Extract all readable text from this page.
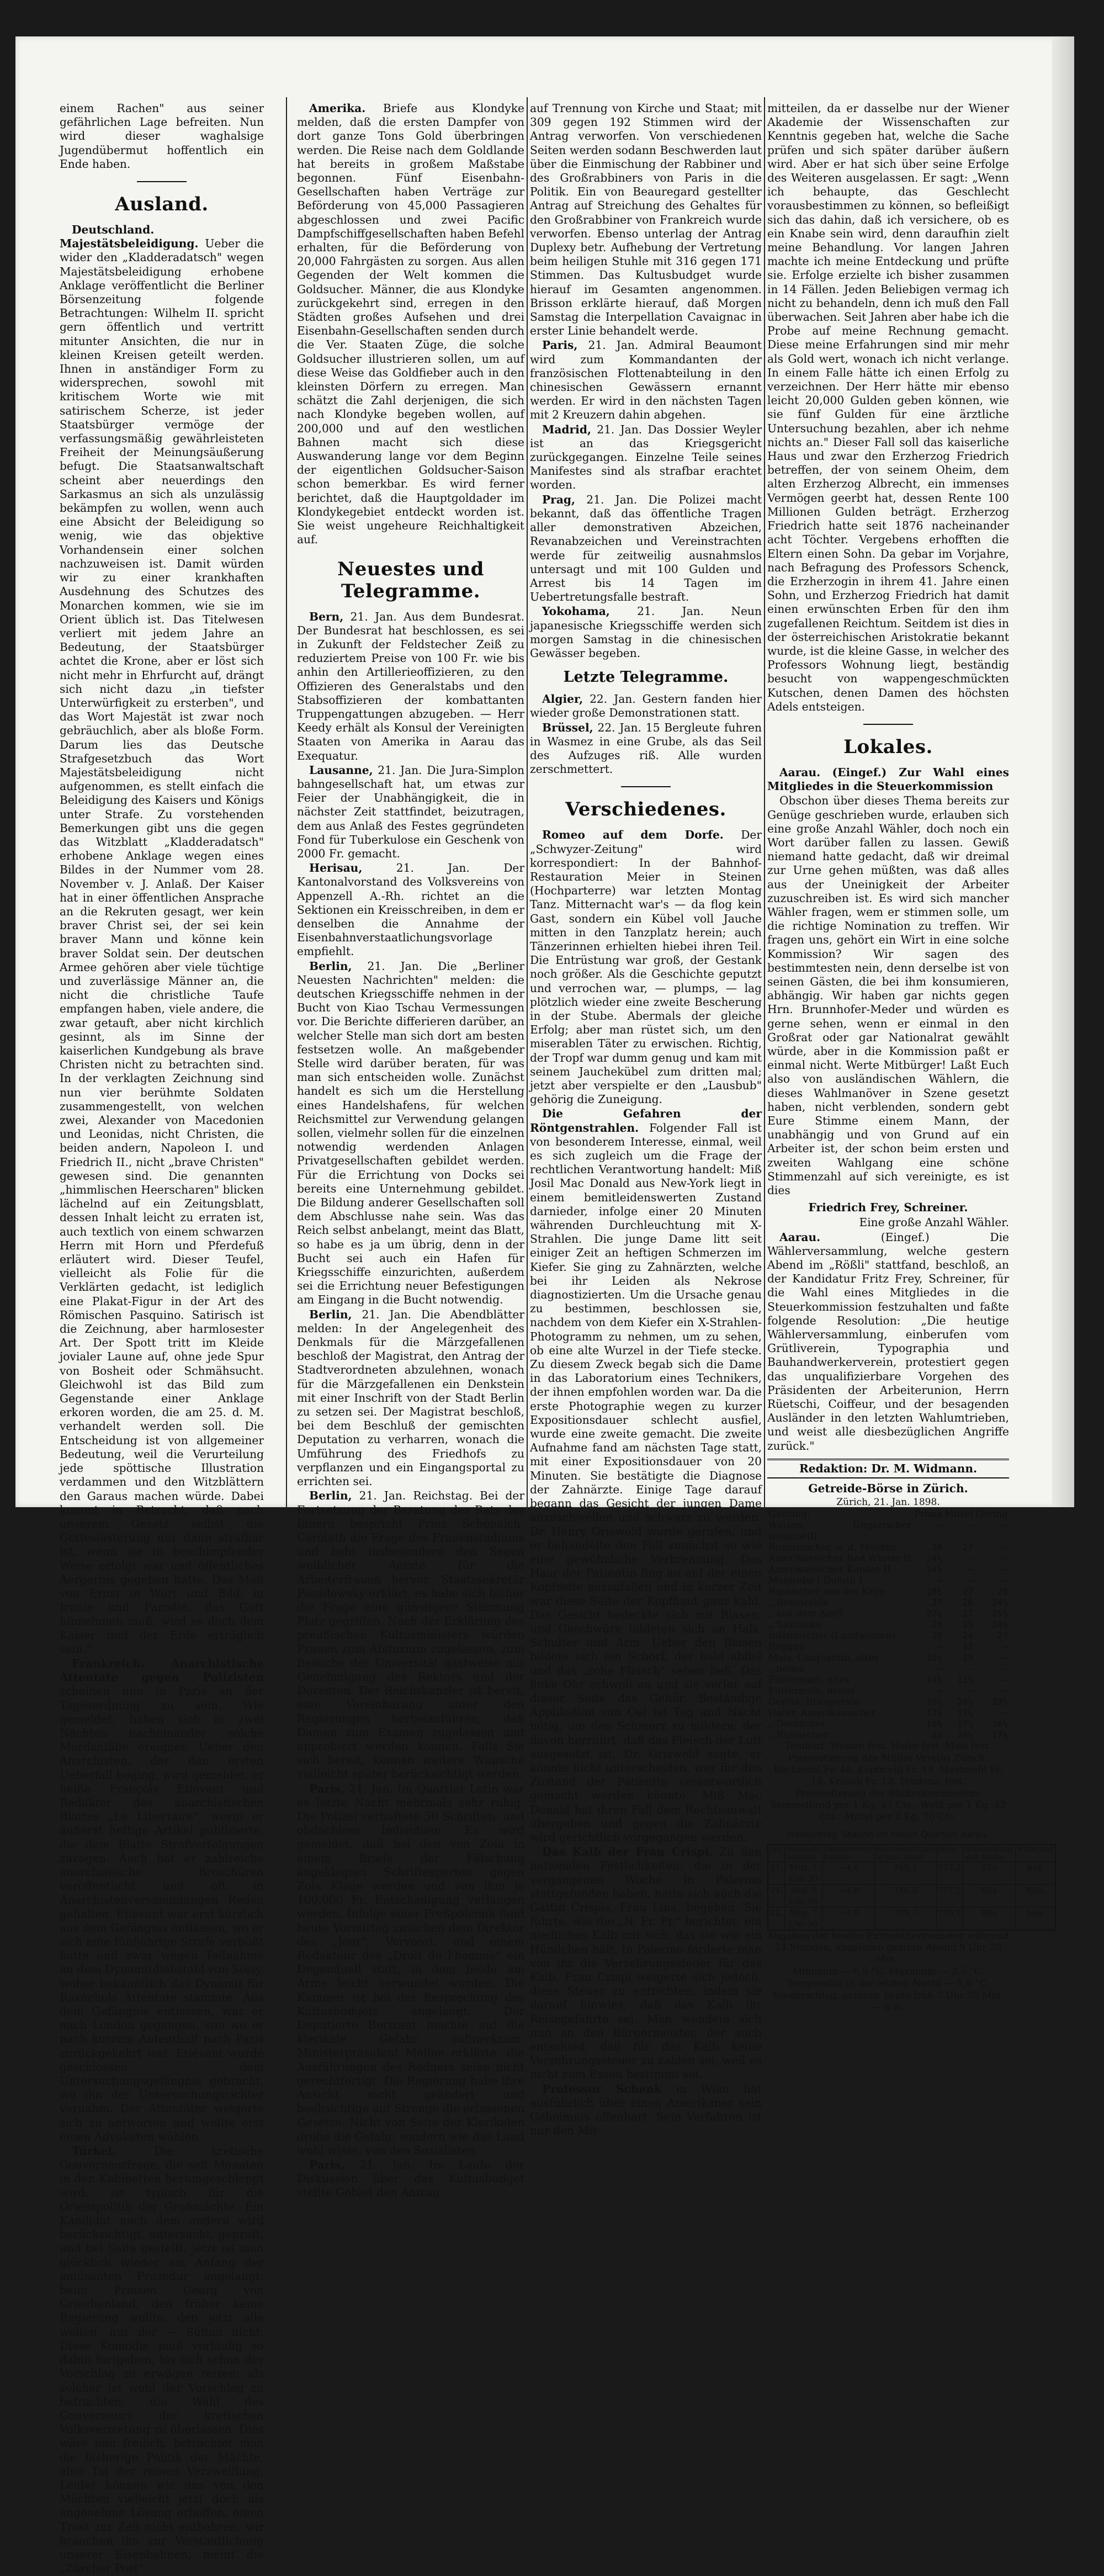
einem Rachen" aus seiner gefährlichen Lage befreiten. Nun wird dieser waghalsige Jugendübermut hoffentlich ein Ende haben.

Ausland.

Deutschland. Majestätsbeleidigung. Ueber die wider den „Kladderadatsch" wegen Majestätsbeleidigung erhobene Anklage veröffentlicht die Berliner Börsenzeitung folgende Betrachtungen: Wilhelm II. spricht gern öffentlich und vertritt mitunter Ansichten, die nur in kleinen Kreisen geteilt werden. Ihnen in anständiger Form zu widersprechen, sowohl mit kritischem Worte wie mit satirischem Scherze, ist jeder Staatsbürger vermöge der verfassungsmäßig gewährleisteten Freiheit der Meinungsäußerung befugt. Die Staatsanwaltschaft scheint aber neuerdings den Sarkasmus an sich als unzulässig bekämpfen zu wollen, wenn auch eine Absicht der Beleidigung so wenig, wie das objektive Vorhandensein einer solchen nachzuweisen ist. Damit würden wir zu einer krankhaften Ausdehnung des Schutzes des Monarchen kommen, wie sie im Orient üblich ist. Das Titelwesen verliert mit jedem Jahre an Bedeutung, der Staatsbürger achtet die Krone, aber er löst sich nicht mehr in Ehrfurcht auf, drängt sich nicht dazu „in tiefster Unterwürfigkeit zu ersterben", und das Wort Majestät ist zwar noch gebräuchlich, aber als bloße Form. Darum lies das Deutsche Strafgesetzbuch das Wort Majestätsbeleidigung nicht aufgenommen, es stellt einfach die Beleidigung des Kaisers und Königs unter Strafe. Zu vorstehenden Bemerkungen gibt uns die gegen das Witzblatt „Kladderadatsch" erhobene Anklage wegen eines Bildes in der Nummer vom 28. November v. J. Anlaß. Der Kaiser hat in einer öffentlichen Ansprache an die Rekruten gesagt, wer kein braver Christ sei, der sei kein braver Mann und könne kein braver Soldat sein. Der deutschen Armee gehören aber viele tüchtige und zuverlässige Männer an, die nicht die christliche Taufe empfangen haben, viele andere, die zwar getauft, aber nicht kirchlich gesinnt, als im Sinne der kaiserlichen Kundgebung als brave Christen nicht zu betrachten sind. In der verklagten Zeichnung sind nun vier berühmte Soldaten zusammengestellt, von welchen zwei, Alexander von Macedonien und Leonidas, nicht Christen, die beiden andern, Napoleon I. und Friedrich II., nicht „brave Christen" gewesen sind. Die genannten „himmlischen Heerscharen" blicken lächelnd auf ein Zeitungsblatt, dessen Inhalt leicht zu erraten ist, auch textlich von einem schwarzen Herrn mit Horn und Pferdefuß erläutert wird. Dieser Teufel, vielleicht als Folie für die Verklärten gedacht, ist lediglich eine Plakat-Figur in der Art des Römischen Pasquino. Satirisch ist die Zeichnung, aber harmlosester Art. Der Spott tritt im Kleide jovialer Laune auf, ohne jede Spur von Bosheit oder Schmähsucht. Gleichwohl ist das Bild zum Gegenstande einer Anklage erkoren worden, die am 25. d. M. verhandelt werden soll. Die Entscheidung ist von allgemeiner Bedeutung, weil die Verurteilung jede spöttische Illustration verdammen und den Witzblättern den Garaus machen würde. Dabei kommt in Betracht, daß nach unserem Gesetz selbst die Gotteslästerung nur dann strafbar ist, wenn sie in beschimpfender Weise erfolgt war und öffentliches Aergernis gegeben hatte. Das Maß von Ernst in Wort und Bild, in Ironie und Parodie, das Gott hinnehmen muß, wird es doch dem Kaiser und der Erde erträglich sein."

Frankreich. Anarchistische Attentate gegen Polizisten scheinen nun in Paris an der Tagesordnung zu sein. Wie gemeldet, haben sich in zwei Nächten nacheinander solche Mordanfälle ereignet. Ueber den Anarchisten, der den ersten Ueberfall beging, wird gemeldet, er heiße François Etiévant und Redaktor des anarchistischen Blattes „Le Libertaire", worin er äußerst heftige Artikel publizierte, die dem Blatte Strafverfolgungen zuzogen. Auch hat er zahlreiche anarchistische Broschüren veröffentlicht und oft in Anarchistenversammlungen Reden gehalten. Etiévant war erst kürzlich aus dem Gefängnis entlassen, wo er sich eine fünfjährige Strafe verbüßt hatte und zwar wegen Teilnahme an dem Dynamitdiebstahl von Soisy, woher bekanntlich das Dynamit für Ravachols Attentate stammte. Aus dem Gefängnis entlassen, war er nach London gegangen, von wo er nach kurzem Aufenthalt nach Paris zurückgekehrt war. Etiévant wurde geschlossen dem Untersuchungsgefängnis gebracht, wo ihn der Untersuchungsrichter vernahm. Der Attentäter weigerte sich zu antworten und wollte erst einen Advokaten wählen.

Türkei.	Die kretische Gouverneurfrage, die seit Monaten in den Kabinetten herumgeschleppt wird, ist typisch für die Orientpolitik der Großmächte. Ein Kandidat nach dem andern wird berücksichtigt, untersucht, geprüft, und bei Seite gestellt; jetzt ist man glücklich wieder am Anfang der amüsanten Prozedur angelangt; beim Prinzen Georg von Griechenland, den früher keine Regierung wollte, den jetzt alle wollen, nur der — Sultan nicht. Diese Komödie muß vorläufig so dahin fortgehen, bis sich schon der Vorschlag zu erwägen reizen; als solcher ist wohl der Vorschlag zu betrachten, die Wahl des Gouverneurs der kretischen Volksvertretung zu überlassen. Dies wäre nun freilich, betrachtet man die bisherige Politik der Mächte, eine Tat der reinen Verzweiflung. Leider können wir uns von den Mächten vielleicht jetzt doch als angenehme Lösung erhoffen, einen Trost zur Zeit nicht entbehren, wir brauchen ihn zur Verstaatlichung unserer Eisenbahnen, meint die „Zürcher Post".

Amerika. Briefe aus Klondyke melden, daß die ersten Dampfer von dort ganze Tons Gold überbringen werden. Die Reise nach dem Goldlande hat bereits in großem Maßstabe begonnen. Fünf Eisenbahn-Gesellschaften haben Verträge zur Beförderung von 45,000 Passagieren abgeschlossen und zwei Pacific Dampfschiffgesellschaften haben Befehl erhalten, für die Beförderung von 20,000 Fahrgästen zu sorgen. Aus allen Gegenden der Welt kommen die Goldsucher. Männer, die aus Klondyke zurückgekehrt sind, erregen in den Städten großes Aufsehen und drei Eisenbahn-Gesellschaften senden durch die Ver. Staaten Züge, die solche Goldsucher illustrieren sollen, um auf diese Weise das Goldfieber auch in den kleinsten Dörfern zu erregen. Man schätzt die Zahl derjenigen, die sich nach Klondyke begeben wollen, auf 200,000 und auf den westlichen Bahnen macht sich diese Auswanderung lange vor dem Beginn der eigentlichen Goldsucher-Saison schon bemerkbar. Es wird ferner berichtet, daß die Hauptgoldader im Klondykegebiet entdeckt worden ist. Sie weist ungeheure Reichhaltigkeit auf.

Neuestes und Telegramme.

Bern, 21. Jan. Aus dem Bundesrat. Der Bundesrat hat beschlossen, es sei in Zukunft der Feldstecher Zeiß zu reduziertem Preise von 100 Fr. wie bis anhin den Artillerieoffizieren, zu den Offizieren des Generalstabs und den Stabsoffizieren der kombattanten Truppengattungen abzugeben. — Herr Keedy erhält als Konsul der Vereinigten Staaten von Amerika in Aarau das Exequatur.

Lausanne, 21. Jan. Die Jura-Simplon bahngesellschaft hat, um etwas zur Feier der Unabhängigkeit, die in nächster Zeit stattfindet, beizutragen, dem aus Anlaß des Festes gegründeten Fond für Tuberkulose ein Geschenk von 2000 Fr. gemacht.

Herisau,	21. Jan. Der Kantonalvorstand des Volksvereins von Appenzell A.-Rh. richtet an die Sektionen ein Kreisschreiben, in dem er denselben die Annahme der Eisenbahnverstaatlichungsvorlage empfiehlt.

Berlin, 21. Jan. Die „Berliner Neuesten Nachrichten" melden: die deutschen Kriegsschiffe nehmen in der Bucht von Kiao Tschau Vermessungen vor. Die Berichte differieren darüber, an welcher Stelle man sich dort am besten festsetzen wolle. An maßgebender Stelle wird darüber beraten, für was man sich entscheiden wolle. Zunächst handelt es sich um die Herstellung eines Handelshafens, für welchen Reichsmittel zur Verwendung gelangen sollen, vielmehr sollen für die einzelnen notwendig werdenden Anlagen Privatgesellschaften gebildet werden. Für die Errichtung von Docks sei bereits eine Unternehmung gebildet. Die Bildung anderer Gesellschaften soll dem Abschlusse nahe sein. Was das Reich selbst anbelangt, meint das Blatt, so habe es ja um übrig, denn in der Bucht sei auch ein Hafen für Kriegsschiffe einzurichten, außerdem sei die Errichtung neuer Befestigungen am Eingang in die Bucht notwendig.

Berlin, 21. Jan. Die Abendblätter melden: In der Angelegenheit des Denkmals für die Märzgefallenen beschloß der Magistrat, den Antrag der Stadtverordneten abzulehnen, wonach für die Märzgefallenen ein Denkstein mit einer Inschrift von der Stadt Berlin zu setzen sei. Der Magistrat beschloß, bei dem Beschluß der gemischten Deputation zu verharren, wonach die Umführung des Friedhofs zu verpflanzen und ein Eingangsportal zu errichten sei.

Berlin, 21. Jan. Reichstag. Bei der Fortsetzung der Beratung des Rats des Innern bespricht Prinz Schönaich-Carolath die Frage des Frauenstudiums und hebt insbesondere den Segen weiblicher Aerzte für die Arbeiterfrauen hervor. Staatssekretär Posadowsky erklärt, es habe sich bisher die Frage eine günstigere Stimmung Platz gegriffen. Nach der Erklärung des preußischen Kultusministers würden Frauen zum Abiturium zugelassen, zum Besuche der Universität gastweise mit Genehmigung des Rektors und der Dozenten. Der Reichskanzler ist bereit, eine Vereinbarung unter den Regierungen herbeizuführen, daß Damen zum Examen zugelassen und approbiert werden können. Falls Sie sich bereit, können weitere Wünsche vielleicht später berücksichtigt werden.

Paris, 21. Jan. Im Quartier Latin war es letzte Nacht mehrmals sehr ruhig. Die Polizei verhaftete 50 Schriften- und obdachlose Individuen. Es wird gemeldet, daß bei den von Zola in einem Briefe der Fälschung angeklagten Schriftexperten gegen Zola Klage werden und von ihm je 100,000 Fr. Entschädigung verlangen werden. Infolge einer Preßpolemik fand heute Vormittag zwischen dem Direktor des „Jour", Vervoort, und einem Redakteur des „Droit de l'homme" ein Degenduell statt, in dem beide am Arme leicht verwundet wurden. Die Kammer ist bei der Besprechung des Kultusbudgets angelangt. Der Deputierte Bertrant machte auf die klerikale Gefahr aufmerksam. Ministerpräsident Méline erklärte, die Ausführungen des Redners seien nicht gerechtfertigt. Die Regierung habe ihre Ansicht nicht geändert und beabsichtige auf Strenge die erlassenen Gesetze. Nicht von Seite der Klerikalen drohe die Gefahr, sondern wie das Land wohl wisse, von den Sozialisten.

Paris, 21. Jan. Im Laufe der Diskussion über das Kultusbudget stellte Goblet den Antrag

auf Trennung von Kirche und Staat; mit 309 gegen 192 Stimmen wird der Antrag verworfen. Von verschiedenen Seiten werden sodann Beschwerden laut über die Einmischung der Rabbiner und des Großrabbiners von Paris in die Politik. Ein von Beauregard gestellter Antrag auf Streichung des Gehaltes für den Großrabbiner von Frankreich wurde verworfen. Ebenso unterlag der Antrag Duplexy betr. Aufhebung der Vertretung beim heiligen Stuhle mit 316 gegen 171 Stimmen. Das Kultusbudget wurde hierauf im Gesamten angenommen. Brisson erklärte hierauf, daß Morgen Samstag die Interpellation Cavaignac in erster Linie behandelt werde.

Paris, 21. Jan. Admiral Beaumont wird zum Kommandanten der französischen Flottenabteilung in den chinesischen Gewässern ernannt werden. Er wird in den nächsten Tagen mit 2 Kreuzern dahin abgehen.

Madrid, 21. Jan. Das Dossier Weyler ist an das Kriegsgericht zurückgegangen. Einzelne Teile seines Manifestes sind als strafbar erachtet worden.

Prag, 21. Jan. Die Polizei macht bekannt, daß das öffentliche Tragen aller demonstrativen Abzeichen, Revanabzeichen und Vereinstrachten werde für zeitweilig ausnahmslos untersagt und mit 100 Gulden und Arrest bis 14 Tagen im Uebertretungsfalle bestraft.

Yokohama, 21. Jan. Neun japanesische Kriegsschiffe werden sich morgen Samstag in die chinesischen Gewässer begeben.

Letzte Telegramme.

Algier, 22. Jan. Gestern fanden hier wieder große Demonstrationen statt.

Brüssel, 22. Jan. 15 Bergleute fuhren in Wasmez in eine Grube, als das Seil des Aufzuges riß. Alle wurden zerschmettert.

Verschiedenes.

Romeo auf dem Dorfe. Der „Schwyzer-Zeitung" wird korrespondiert: In der Bahnhof-Restauration Meier in Steinen (Hochparterre) war letzten Montag Tanz. Mitternacht war's — da flog kein Gast, sondern ein Kübel voll Jauche mitten in den Tanzplatz herein; auch Tänzerinnen erhielten hiebei ihren Teil. Die Entrüstung war groß, der Gestank noch größer. Als die Geschichte geputzt und verrochen war, — plumps, — lag plötzlich wieder eine zweite Bescherung in der Stube. Abermals der gleiche Erfolg; aber man rüstet sich, um den miserablen Täter zu erwischen. Richtig, der Tropf war dumm genug und kam mit seinem Jauchekübel zum dritten mal; jetzt aber verspielte er den „Lausbub" gehörig die Zuneigung.

Die Gefahren der Röntgenstrahlen. Folgender Fall ist von besonderem Interesse, einmal, weil es sich zugleich um die Frage der rechtlichen Verantwortung handelt: Miß Josil Mac Donald aus New-York liegt in einem bemitleidenswerten Zustand darnieder, infolge einer 20 Minuten währenden Durchleuchtung mit X-Strahlen. Die junge Dame litt seit einiger Zeit an heftigen Schmerzen im Kiefer. Sie ging zu Zahnärzten, welche bei ihr Leiden als Nekrose diagnostizierten. Um die Ursache genau zu bestimmen, beschlossen sie, nachdem von dem Kiefer ein X-Strahlen-Photogramm zu nehmen, um zu sehen, ob eine alte Wurzel in der Tiefe stecke. Zu diesem Zweck begab sich die Dame in das Laboratorium eines Technikers, der ihnen empfohlen worden war. Da die erste Photographie wegen zu kurzer Expositionsdauer schlecht ausfiel, wurde eine zweite gemacht. Die zweite Aufnahme fand am nächsten Tage statt, mit einer Expositionsdauer von 20 Minuten. Sie bestätigte die Diagnose der Zahnärzte. Einige Tage darauf begann das Gesicht der jungen Dame anzuschwellen und schwarz zu werden. Dr. Henry Griswold wurde gerufen, und er behandelte den Fall zunächst so wie eine gewöhnliche Verbrennung. Das Haar der Patientin fing an auf der einen Kopfseite auszufallen und in kurzer Zeit war diese Seite der Kopfhaut ganz kahl. Das Gesicht bedeckte sich mit Blasen, und Geschwüre bildeten sich an Hals, Schulter und Arm. Ueber den Blasen bildete sich ein Schorf, der bald abfiel und das „rohe Fleisch" sehen ließ. Das linke Ohr schwoll an und sie verlor auf dieser Seite das Gehör. Beständige Applikation von Oel ist Tag und Nacht nötig, um den Schmerz zu mildern, der davon herrührt, daß das Fleisch der Luft ausgesetzt ist. Dr. Griswold sagte, er könnte nicht unterscheiden, wer für den Zustand der Patientin verantwortlich gemacht werden könnte. Miß Mac Donald hat ihren Fall dem Rechtsanwalt übergeben und gegen die Zahnärzte wird gerichtlich vorgegangen werden.

Das Kalb der Frau Crispi. Zu den nationalen Festlichkeiten, die in der vergangenen Woche in Palermo stattgefunden haben, hatte sich auch die Gattin Crispis, Frau Lina, begeben. Sie führte, wie die „N. Fr. Pr." berichtet, ein niedliches Kalb mit sich, das sie wie ein Hündchen hält. In Palermo forderte man von ihr die Verzehrungssteuer für das Kalb. Frau Crispi weigerte sich jedoch, diese Steuer zu entrichten, indem sie darauf hinwies, daß das Kalb ihr Reisegefährte sei. Man wendete sich nun an den Bürgermeister, der auch entschied, daß für das Kalb keine Verzehrungssteuer zu zahlen sei, weil es nicht zum Essen bestimmt sei.

Professor Schenk in Wien hat ausführlich über einen Amerikaner sein Geheimnis offenbart. Sein Verfahren ist nur den Mit-

mitteilen, da er dasselbe nur der Wiener Akademie der Wissenschaften zur Kenntnis gegeben hat, welche die Sache prüfen und sich später darüber äußern wird. Aber er hat sich über seine Erfolge des Weiteren ausgelassen. Er sagt: „Wenn ich behaupte, das Geschlecht vorausbestimmen zu können, so befleißigt sich das dahin, daß ich versichere, ob es ein Knabe sein wird, denn daraufhin zielt meine Behandlung. Vor langen Jahren machte ich meine Entdeckung und prüfte sie. Erfolge erzielte ich bisher zusammen in 14 Fällen. Jeden Beliebigen vermag ich nicht zu behandeln, denn ich muß den Fall überwachen. Seit Jahren aber habe ich die Probe auf meine Rechnung gemacht. Diese meine Erfahrungen sind mir mehr als Gold wert, wonach ich nicht verlange. In einem Falle hätte ich einen Erfolg zu verzeichnen. Der Herr hätte mir ebenso leicht 20,000 Gulden geben können, wie sie fünf Gulden für eine ärztliche Untersuchung bezahlen, aber ich nehme nichts an." Dieser Fall soll das kaiserliche Haus und zwar den Erzherzog Friedrich betreffen, der von seinem Oheim, dem alten Erzherzog Albrecht, ein immenses Vermögen geerbt hat, dessen Rente 100 Millionen Gulden beträgt. Erzherzog Friedrich hatte seit 1876 nacheinander acht Töchter. Vergebens erhofften die Eltern einen Sohn. Da gebar im Vorjahre, nach Befragung des Professors Schenck, die Erzherzogin in ihrem 41. Jahre einen Sohn, und Erzherzog Friedrich hat damit einen erwünschten Erben für den ihm zugefallenen Reichtum. Seitdem ist dies in der österreichischen Aristokratie bekannt wurde, ist die kleine Gasse, in welcher des Professors Wohnung liegt, beständig besucht von wappengeschmückten Kutschen, denen Damen des höchsten Adels entsteigen.

Lokales.

Aarau. (Eingef.) Zur Wahl eines Mitgliedes in die Steuerkommission

Obschon über dieses Thema bereits zur Genüge geschrieben wurde, erlauben sich eine große Anzahl Wähler, doch noch ein Wort darüber fallen zu lassen. Gewiß niemand hatte gedacht, daß wir dreimal zur Urne gehen müßten, was daß alles aus der Uneinigkeit der Arbeiter zuzuschreiben ist. Es wird sich mancher Wähler fragen, wem er stimmen solle, um die richtige Nomination zu treffen. Wir fragen uns, gehört ein Wirt in eine solche Kommission? Wir sagen des bestimmtesten nein, denn derselbe ist von seinen Gästen, die bei ihm konsumieren, abhängig. Wir haben gar nichts gegen Hrn. Brunnhofer-Meder und würden es gerne sehen, wenn er einmal in den Großrat oder gar Nationalrat gewählt würde, aber in die Kommission paßt er einmal nicht. Werte Mitbürger! Laßt Euch also von ausländischen Wählern, die dieses Wahlmanöver in Szene gesetzt haben, nicht verblenden, sondern gebt Eure Stimme einem Mann, der unabhängig und von Grund auf ein Arbeiter ist, der schon beim ersten und zweiten Wahlgang eine schöne Stimmenzahl auf sich vereinigte, es ist dies

Friedrich Frey, Schreiner.

Eine große Anzahl Wähler.

Aarau.	(Eingef.) Die Wählerversammlung, welche gestern Abend im „Rößli" stattfand, beschloß, an der Kandidatur Fritz Frey, Schreiner, für die Wahl eines Mitgliedes in die Steuerkommission festzuhalten und faßte folgende Resolution: „Die heutige Wählerversammlung, einberufen vom Grütliverein, Typographia und Bauhandwerkerverein, protestiert gegen das unqualifizierbare Vorgehen des Präsidenten der Arbeiterunion, Herrn Rüetschi, Coiffeur, und der besagenden Ausländer in den letzten Wahlumtrieben, und weist alle diesbezüglichen Angriffe zurück."

Redaktion: Dr. M. Widmann.

Getreide-Börse in Zürich.

Zürich, 21. Jan. 1898.

Gattung:	Prima	Mittel	Gering
Waizen, Ungarischer (nominell)	—	—	—
Rumänischer, a. d. Moldau	28	27	—
Amerikanischer Red Winter II	24½	—	—
Amerikanischer Kansas II	24½	—	—
Manitoba I Duluth I	—	—	—
Russischer aus der Krim	28½	27	25
„ Bessarabia	27	26	24½
„ aus dem Azoff	27½	27	25½
„ Saxonska	26	25	24½
Inländischer (Landweizen)	25	24	23
Roggen	—	17	—
Mais, Cinquantin, altes	16½	15	—
„ neues	—	—	—
Futtermais, altes	14¼	13¼	—
Futtermais, neues	—	—	—
Gerste, Braugerste	26½	24½	23½
Hafer, Amerikanischer	17½	17¼	—
„ Deutscher	18½	17½	16½
„ Russischer	20	18½	17½

Tendenz: Weizen fest. Hafer fest. Mais fest.

Preisnotierung des Müller-Vereins Zürich: Backmehl Fr. 40. Kopfmehl Fr. 19. Mastmehl Fr. 14. Krüsch Fr. 12. Tendenz: fest.

Preisnotierung der Bäckerkommission: Semmelbrod per 1 Kg. 47 Cts., Weiß per 1 Kg. 42 Cts., Mittel per 2 Kg. 70 Cts.

Meteorolog. Station im neuen Quartier Aarau.
Jan.	Beobacht ungszeit	Thermometer Celsius	Barometerstand in mm. Absol.	Redu.	Windrichtung und Stärke	Witterung
21.	Mitt. 1 Uhr 30	—4,0	740,1	777,2	SEs	hell
21.	Abd. 9 Uhr 90	—4,0	740,5	777,5	SEs	Neb.
22.	Mrg. 7 Uhr 90	—4,0	739,7	776,8	SEs	bed.

Angaben der beiden Extremthermometer während 24 Stunden, abgelesen gestern Abend 9 Uhr 30 Min.:

Minimum — 6,5 °C. Maximum — 2,5 °C.

Temperatur in der letzten Nacht — 5,8 °C.

Niederschlag, gemess. heute früh 7 Uhr 30 Min. — n.m.
